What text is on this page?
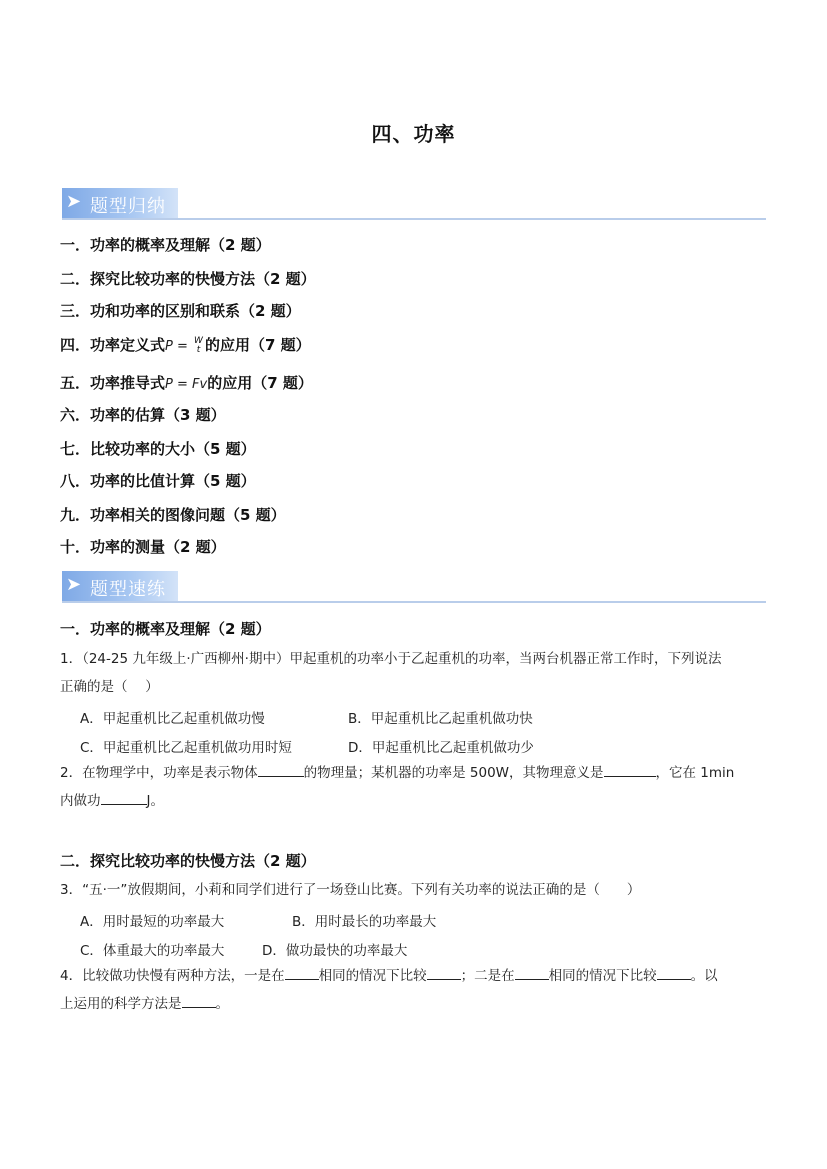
四、功率
➤ 题型归纳
一．功率的概率及理解（2 题）
二．探究比较功率的快慢方法（2 题）
三．功和功率的区别和联系（2 题）
四．功率定义式P = W
t 的应用（7 题）
五．功率推导式P = Fv的应用（7 题）
六．功率的估算（3 题）
七．比较功率的大小（5 题）
八．功率的比值计算（5 题）
九．功率相关的图像问题（5 题）
十．功率的测量（2 题）
➤ 题型速练
一．功率的概率及理解（2 题）
1．（24-25 九年级上·广西柳州·期中）甲起重机的功率小于乙起重机的功率，当两台机器正常工作时，下列说法
正确的是（　 ）
A．甲起重机比乙起重机做功慢	B．甲起重机比乙起重机做功快
C．甲起重机比乙起重机做功用时短	D．甲起重机比乙起重机做功少
2．在物理学中，功率是表示物体	的物理量；某机器的功率是 500W，其物理意义是	，它在 1min
内做功	J。
二．探究比较功率的快慢方法（2 题）
3．“五·一”放假期间，小莉和同学们进行了一场登山比赛。下列有关功率的说法正确的是（　　）
A．用时最短的功率最大	B．用时最长的功率最大
C．体重最大的功率最大	D．做功最快的功率最大
4．比较做功快慢有两种方法，一是在	相同的情况下比较	；二是在	相同的情况下比较	。以
上运用的科学方法是	。
